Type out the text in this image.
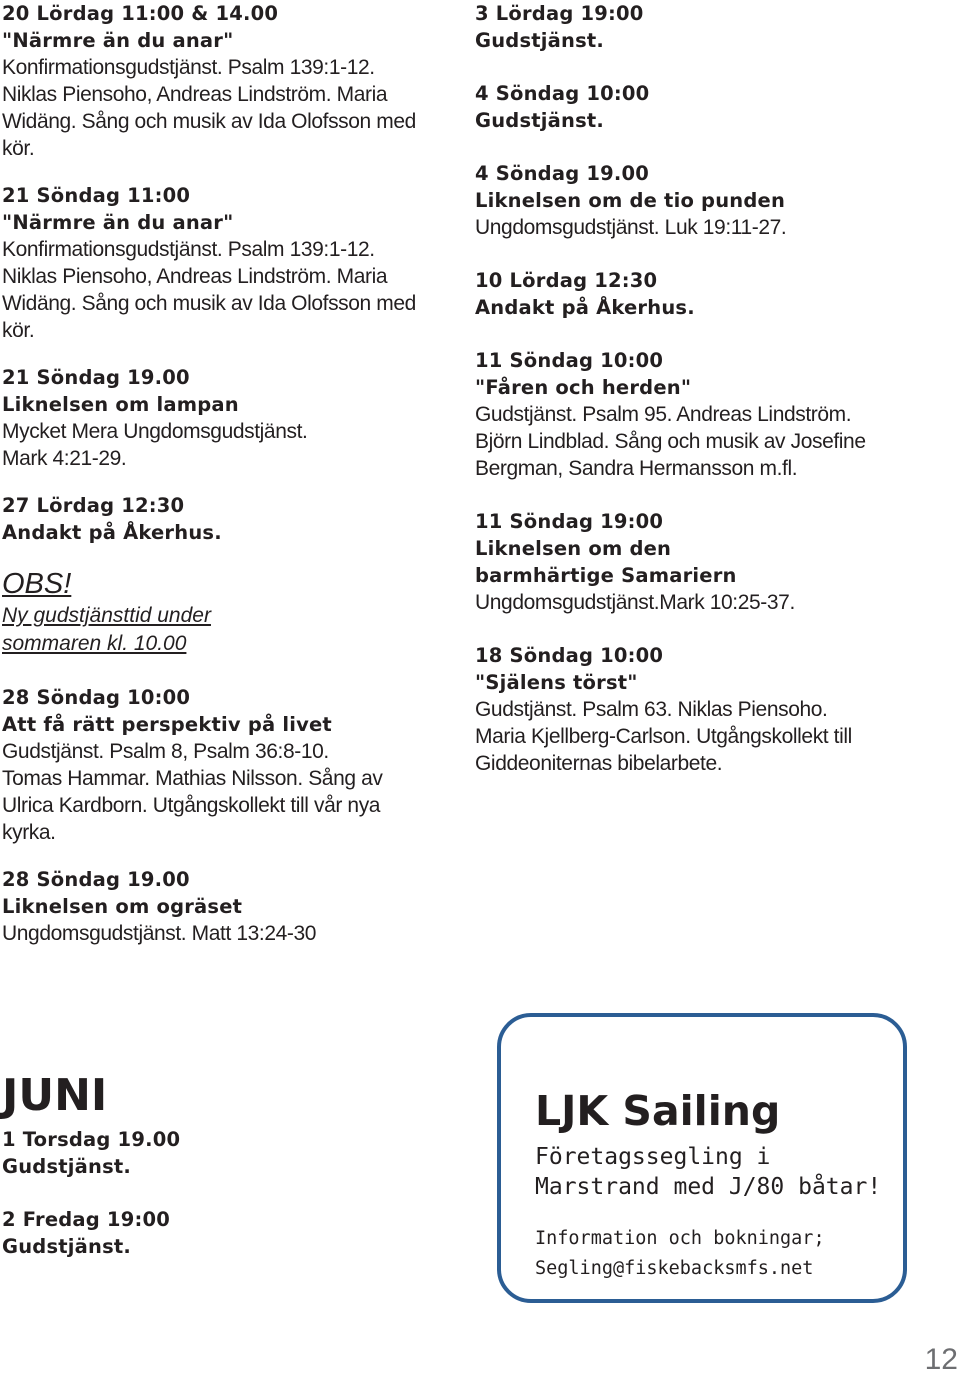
20 Lördag 11:00 & 14.00
"Närmre än du anar"
Konfirmationsgudstjänst. Psalm 139:1-12.
Niklas Piensoho, Andreas Lindström. Maria
Widäng. Sång och musik av Ida Olofsson med
kör.
21 Söndag 11:00
"Närmre än du anar"
Konfirmationsgudstjänst. Psalm 139:1-12.
Niklas Piensoho, Andreas Lindström. Maria
Widäng. Sång och musik av Ida Olofsson med
kör.
21 Söndag 19.00
Liknelsen om lampan
Mycket Mera Ungdomsgudstjänst.
Mark 4:21-29.
27 Lördag 12:30
Andakt på Åkerhus.
OBS!
Ny gudstjänsttid under
sommaren kl. 10.00
28 Söndag 10:00
Att få rätt perspektiv på livet
Gudstjänst. Psalm 8, Psalm 36:8-10.
Tomas Hammar. Mathias Nilsson. Sång av
Ulrica Kardborn. Utgångskollekt till vår nya
kyrka.
28 Söndag 19.00
Liknelsen om ogräset
Ungdomsgudstjänst. Matt 13:24-30
3 Lördag 19:00
Gudstjänst.
4 Söndag 10:00
Gudstjänst.
4 Söndag 19.00
Liknelsen om de tio punden
Ungdomsgudstjänst. Luk 19:11-27.
10 Lördag 12:30
Andakt på Åkerhus.
11 Söndag 10:00
"Fåren och herden"
Gudstjänst. Psalm 95. Andreas Lindström.
Björn Lindblad. Sång och musik av Josefine
Bergman, Sandra Hermansson m.fl.
11 Söndag 19:00
Liknelsen om den
barmhärtige Samariern
Ungdomsgudstjänst.Mark 10:25-37.
18 Söndag 10:00
"Själens törst"
Gudstjänst. Psalm 63. Niklas Piensoho.
Maria Kjellberg-Carlson. Utgångskollekt till
Giddeoniternas bibelarbete.
JUNI
1 Torsdag 19.00
Gudstjänst.
2 Fredag 19:00
Gudstjänst.
LJK Sailing
Företagssegling i
Marstrand med J/80 båtar!
Information och bokningar;
Segling@fiskebacksmfs.net
12
